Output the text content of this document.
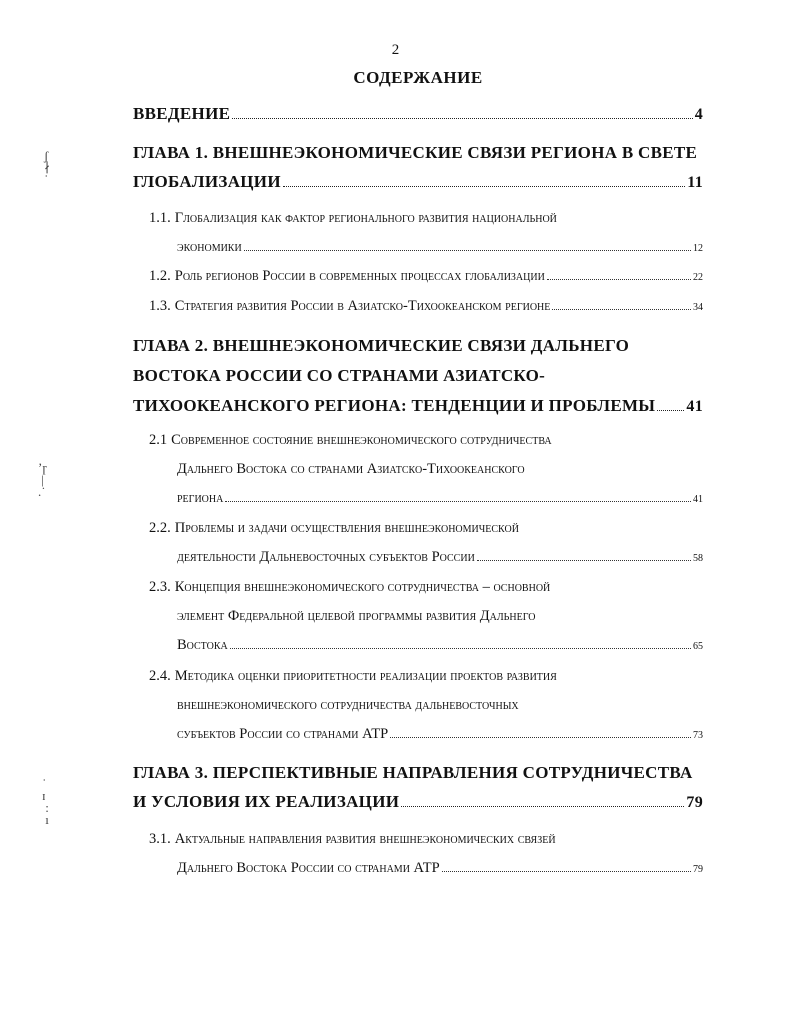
2
СОДЕРЖАНИЕ
ʃ
∤
ˈ
ʼɼ
|
.˙
ˈ
ɪ
:
ı
ВВЕДЕНИЕ	4
ГЛАВА 1. ВНЕШНЕЭКОНОМИЧЕСКИЕ СВЯЗИ РЕГИОНА В СВЕТЕ
ГЛОБАЛИЗАЦИИ	11
1.1. Глобализация как фактор регионального развития национальной
экономики	12
1.2. Роль регионов России в современных процессах глобализации	22
1.3. Стратегия развития России в Азиатско-Тихоокеанском регионе	34
ГЛАВА 2. ВНЕШНЕЭКОНОМИЧЕСКИЕ СВЯЗИ ДАЛЬНЕГО
ВОСТОКА РОССИИ СО СТРАНАМИ АЗИАТСКО-
ТИХООКЕАНСКОГО РЕГИОНА: ТЕНДЕНЦИИ И ПРОБЛЕМЫ 41
2.1 Современное состояние внешнеэкономического сотрудничества
Дальнего Востока со странами Азиатско-Тихоокеанского
региона	41
2.2. Проблемы и задачи осуществления внешнеэкономической
деятельности Дальневосточных субъектов России	58
2.3. Концепция внешнеэкономического сотрудничества – основной
элемент Федеральной целевой программы развития Дальнего
Востока	65
2.4. Методика оценки приоритетности реализации проектов развития
внешнеэкономического сотрудничества дальневосточных
субъектов России со странами АТР	73
ГЛАВА 3. ПЕРСПЕКТИВНЫЕ НАПРАВЛЕНИЯ СОТРУДНИЧЕСТВА
И УСЛОВИЯ ИХ РЕАЛИЗАЦИИ	79
3.1. Актуальные направления развития внешнеэкономических связей
Дальнего Востока России со странами АТР	79
